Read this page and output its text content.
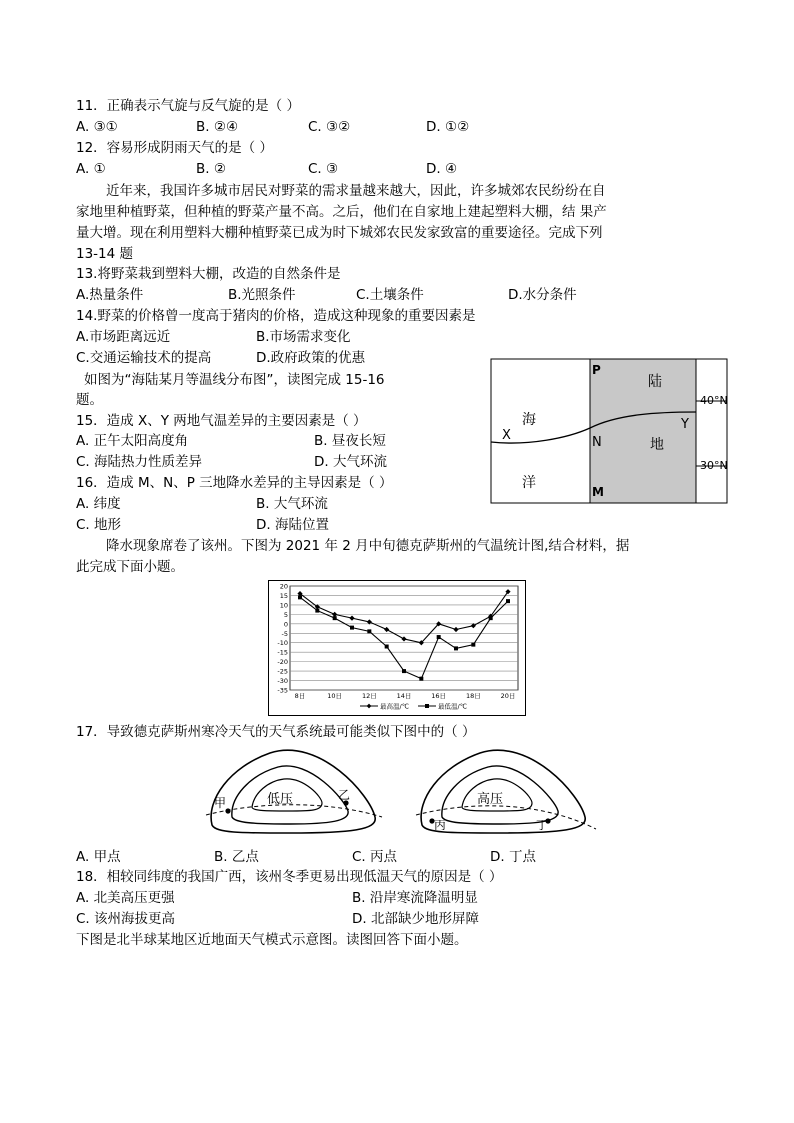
11．正确表示气旋与反气旋的是（ ）
A. ③①	B. ②④	C. ③②	D. ①②
12．容易形成阴雨天气的是（ ）
A. ①	B. ②	C. ③	D. ④
近年来，我国许多城市居民对野菜的需求量越来越大，因此，许多城郊农民纷纷在自
家地里种植野菜，但种植的野菜产量不高。之后，他们在自家地上建起塑料大棚，结 果产
量大增。现在利用塑料大棚种植野菜已成为时下城郊农民发家致富的重要途径。完成下列
13-14 题
13.将野菜栽到塑料大棚，改造的自然条件是
A.热量条件	B.光照条件	C.土壤条件	D.水分条件
14.野菜的价格曾一度高于猪肉的价格，造成这种现象的重要因素是
A.市场距离远近	B.市场需求变化
C.交通运输技术的提高	D.政府政策的优惠
如图为“海陆某月等温线分布图”，读图完成 15-16
题。
15．造成 X、Y 两地气温差异的主要因素是（ ）
A. 正午太阳高度角	B. 昼夜长短
C. 海陆热力性质差异	D. 大气环流
16．造成 M、N、P 三地降水差异的主导因素是（ ）
A. 纬度	B. 大气环流
C. 地形	D. 海陆位置
P
陆
海
X
Y
N	地
洋
M
40°N
30°N
降水现象席卷了该州。下图为 2021 年 2 月中旬德克萨斯州的气温统计图,结合材料，据
此完成下面小题。
20
15
10
5
0
-5
-10
-15
-20
-25
-30
-35
8日	10日	12日	14日	16日	18日	20日
最高温/℃	最低温/℃
17．导致德克萨斯州寒冷天气的天气系统最可能类似下图中的（ ）
低压
甲
乙	高压
丙	丁
A. 甲点	B. 乙点	C. 丙点	D. 丁点
18．相较同纬度的我国广西，该州冬季更易出现低温天气的原因是（ ）
A. 北美高压更强	B. 沿岸寒流降温明显
C. 该州海拔更高	D. 北部缺少地形屏障
下图是北半球某地区近地面天气模式示意图。读图回答下面小题。
